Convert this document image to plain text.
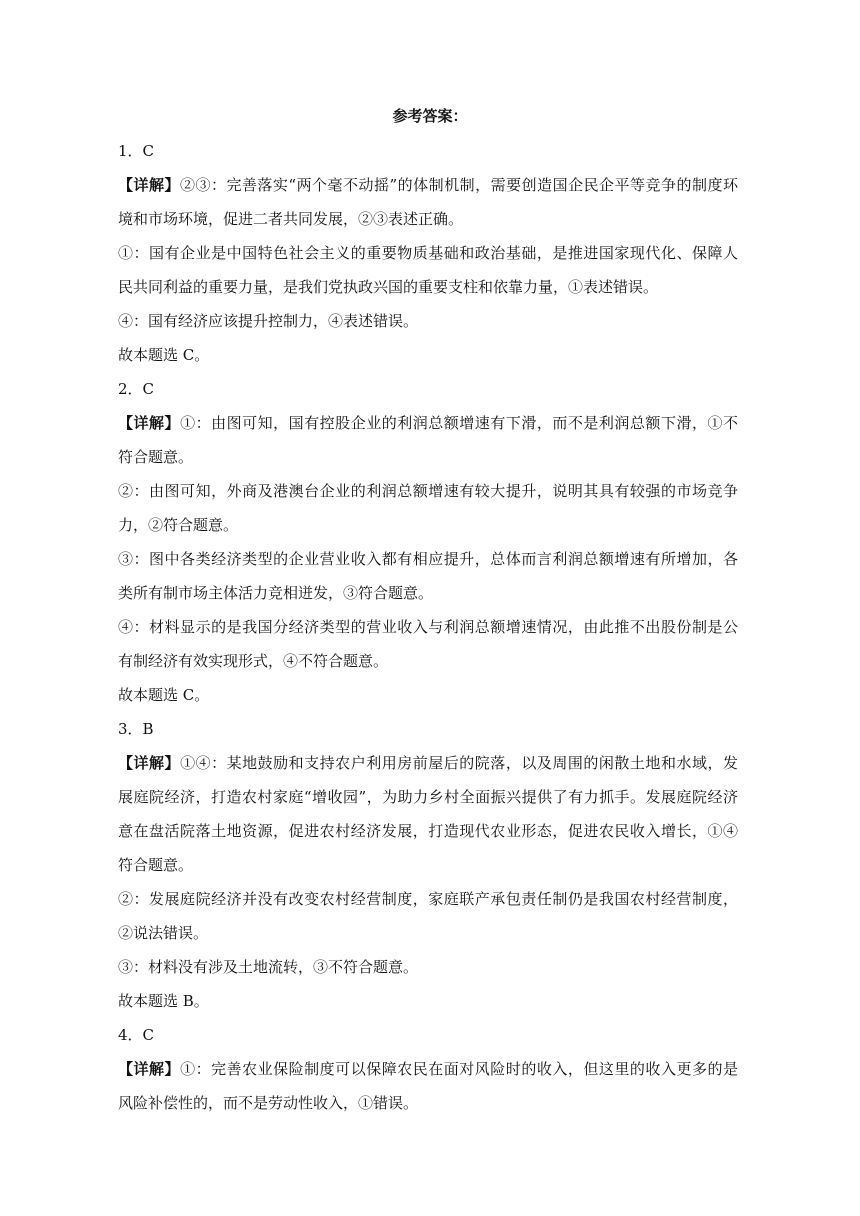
参考答案：
1．C
【详解】②③：完善落实“两个毫不动摇”的体制机制，需要创造国企民企平等竞争的制度环
境和市场环境，促进二者共同发展，②③表述正确。
①：国有企业是中国特色社会主义的重要物质基础和政治基础，是推进国家现代化、保障人
民共同利益的重要力量，是我们党执政兴国的重要支柱和依靠力量，①表述错误。
④：国有经济应该提升控制力，④表述错误。
故本题选 C。
2．C
【详解】①：由图可知，国有控股企业的利润总额增速有下滑，而不是利润总额下滑，①不
符合题意。
②：由图可知，外商及港澳台企业的利润总额增速有较大提升，说明其具有较强的市场竞争
力，②符合题意。
③：图中各类经济类型的企业营业收入都有相应提升，总体而言利润总额增速有所增加，各
类所有制市场主体活力竞相迸发，③符合题意。
④：材料显示的是我国分经济类型的营业收入与利润总额增速情况，由此推不出股份制是公
有制经济有效实现形式，④不符合题意。
故本题选 C。
3．B
【详解】①④：某地鼓励和支持农户利用房前屋后的院落，以及周围的闲散土地和水域，发
展庭院经济，打造农村家庭“增收园”，为助力乡村全面振兴提供了有力抓手。发展庭院经济
意在盘活院落土地资源，促进农村经济发展，打造现代农业形态，促进农民收入增长，①④
符合题意。
②：发展庭院经济并没有改变农村经营制度，家庭联产承包责任制仍是我国农村经营制度，
②说法错误。
③：材料没有涉及土地流转，③不符合题意。
故本题选 B。
4．C
【详解】①：完善农业保险制度可以保障农民在面对风险时的收入，但这里的收入更多的是
风险补偿性的，而不是劳动性收入，①错误。
